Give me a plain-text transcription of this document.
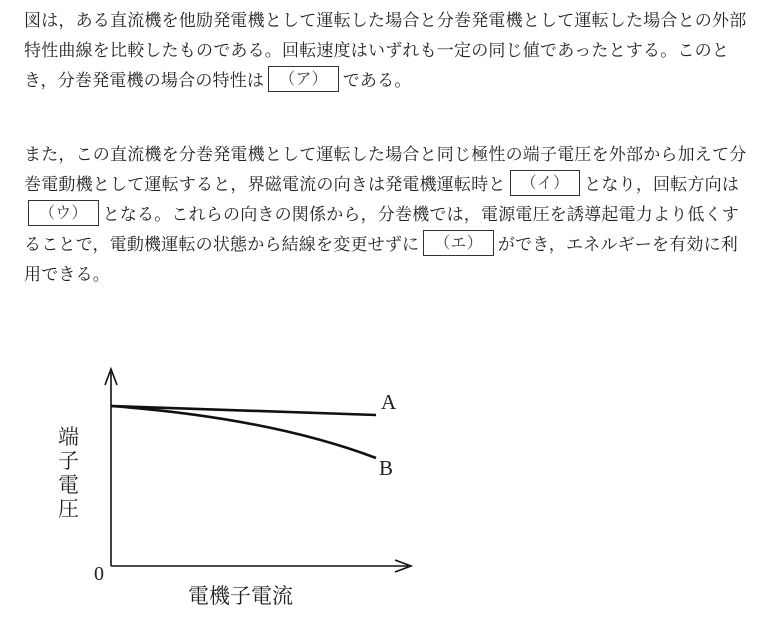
図は，ある直流機を他励発電機として運転した場合と分巻発電機として運転した場合との外部特性曲線を比較したものである。回転速度はいずれも一定の同じ値であったとする。このとき，分巻発電機の場合の特性は （ア） である。

また，この直流機を分巻発電機として運転した場合と同じ極性の端子電圧を外部から加えて分巻電動機として運転すると，界磁電流の向きは発電機運転時と （イ） となり，回転方向は（ウ） となる。これらの向きの関係から，分巻機では，電源電圧を誘導起電力より低くすることで，電動機運転の状態から結線を変更せずに （エ） ができ，エネルギーを有効に利用できる。

端子電圧
電機子電流
0
A
B
